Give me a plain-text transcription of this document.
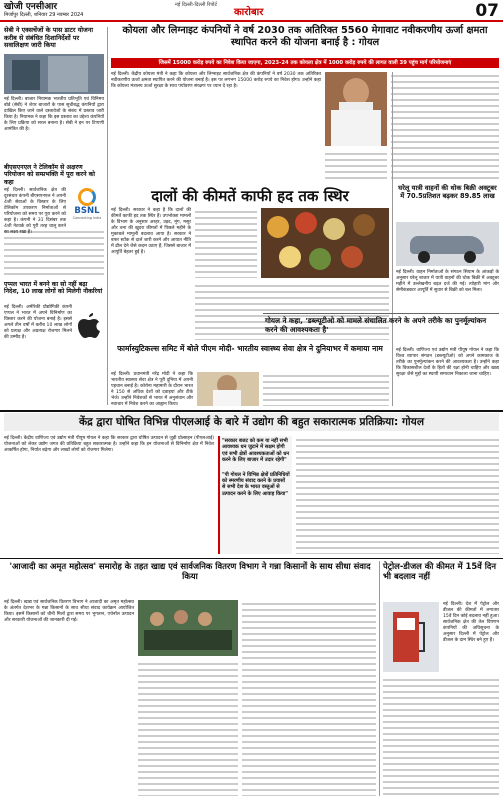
खोजी एनसीआर
मिर्जापुर दिल्ली, शनिवार 29 नवम्बर 2024
नई दिल्ली-दिल्ली रिपोर्ट
कारोबार	07
सेबी ने एक्सचेंजों के पास डाटर योजना करीब से संबंधित दिशानिर्देशों पर सवालिक्षण जारी किया
नई दिल्ली। बाजार नियामक भारतीय प्रतिभूति एवं विनिमय बोर्ड (सेबी) ने शेयर बाजारों के पास सूचीबद्ध कंपनियों द्वारा दाखिल किए जाने वाले दस्तावेजों के संबंध में प्रस्ताव जारी किया है। नियामक ने कहा कि इस प्रस्ताव का उद्देश्य कंपनियों के लिए प्रक्रिया को सरल बनाना है। सेबी ने इन पर टिप्पणी आमंत्रित की है।
बीएसएनएल ने टेलिकॉम से अक्षरण परियोजन को सम्प्रभक्ति में पूरा करने को कहा
नई दिल्ली। सार्वजनिक क्षेत्र की दूरसंचार कंपनी बीएसएनएल ने अपनी 4जी सेवाओं के विस्तार के लिए टेलिकॉम उपकरण निर्माताओं से परियोजना को समय पर पूरा करने को कहा है। कंपनी ने 31 दिसंबर तक 4जी नेटवर्क को पूरी तरह चालू करने का लक्ष्य रखा है।
BSNL
Connecting India
एप्पल भारत में बनने का सो नहीं बढ़ा निदेश, 10 लाख लोगों को मिलेगी नौकरियां
नई दिल्ली। अमेरिकी प्रौद्योगिकी कंपनी एप्पल ने भारत में अपने विनिर्माण का विस्तार करने की योजना बनाई है। इससे अगले तीन वर्षों में करीब 10 लाख लोगों को प्रत्यक्ष और अप्रत्यक्ष रोजगार मिलने की उम्मीद है।
कोयला और लिग्नाइट कंपनियों ने वर्ष 2030 तक अतिरिक्त 5560 मेगावाट नवीकरणीय ऊर्जा क्षमता स्थापित करने की योजना बनाई है : गोयल
जिसमें 15000 करोड़ रुपये का निवेश किया जाएगा, 2023-24 तक कोयला क्षेत्र में 1000 करोड़ रुपये की लागत वाली 39 पहुंच मार्ग परियोजनाएं
नई दिल्ली। केंद्रीय कोयला मंत्री ने कहा कि कोयला और लिग्नाइट सार्वजनिक क्षेत्र की कंपनियों ने वर्ष 2030 तक अतिरिक्त नवीकरणीय ऊर्जा क्षमता स्थापित करने की योजना बनाई है। इस पर लगभग 15000 करोड़ रुपये का निवेश होगा। उन्होंने कहा कि कोयला मंत्रालय ऊर्जा सुरक्षा के साथ पर्यावरण संरक्षण पर ध्यान दे रहा है।
दालों की कीमतें काफी हद तक स्थिर
नई दिल्ली। सरकार ने कहा है कि दालों की कीमतें काफी हद तक स्थिर हैं। उपभोक्ता मामलों के विभाग के अनुसार अरहर, उड़द, मूंग, मसूर और चना की खुदरा कीमतों में पिछले महीने के मुकाबले मामूली बदलाव आया है। सरकार ने बफर स्टॉक से दालें जारी करने और आयात नीति में ढील देने जैसे कदम उठाए हैं, जिससे बाजार में आपूर्ति बेहतर हुई है।
फार्मास्युटिकल्स समिट में बोले पीएम मोदी- भारतीय स्वास्थ्य सेवा क्षेत्र ने दुनियाभर में कमाया नाम
नई दिल्ली। प्रधानमंत्री नरेंद्र मोदी ने कहा कि भारतीय स्वास्थ्य सेवा क्षेत्र ने पूरी दुनिया में अपनी पहचान बनाई है। कोरोना महामारी के दौरान भारत ने 150 से अधिक देशों को दवाइयां और टीके भेजे। उन्होंने निवेशकों से भारत में अनुसंधान और नवाचार में निवेश करने का आह्वान किया।
घरेलू यात्री वाहनों की थोक बिक्री अक्टूबर में 70.5प्रतिशत बढ़कर 89.85 लाख
नई दिल्ली। वाहन निर्माताओं के संगठन सियाम के आंकड़ों के अनुसार घरेलू बाजार में यात्री वाहनों की थोक बिक्री में अक्टूबर महीने में उल्लेखनीय बढ़त दर्ज की गई। त्योहारी मांग और सेमीकंडक्टर आपूर्ति में सुधार से बिक्री को बल मिला।
गोयल ने कहा, 'डब्ल्यूटीओ को मामले संचालित करने के अपने तरीके का पुनर्मूल्यांकन करने की आवश्यकता है'
नई दिल्ली। वाणिज्य एवं उद्योग मंत्री पीयूष गोयल ने कहा कि विश्व व्यापार संगठन (डब्ल्यूटीओ) को अपने कामकाज के तरीके का पुनर्मूल्यांकन करने की आवश्यकता है। उन्होंने कहा कि विकासशील देशों के हितों की रक्षा होनी चाहिए और खाद्य सुरक्षा जैसे मुद्दों का स्थायी समाधान निकाला जाना चाहिए।
केंद्र द्वारा घोषित विभिन्न पीएलआई के बारे में उद्योग की बहुत सकारात्मक प्रतिक्रिया: गोयल
नई दिल्ली। केंद्रीय वाणिज्य एवं उद्योग मंत्री पीयूष गोयल ने कहा कि सरकार द्वारा घोषित उत्पादन से जुड़ी प्रोत्साहन (पीएलआई) योजनाओं को लेकर उद्योग जगत की प्रतिक्रिया बहुत सकारात्मक है। उन्होंने कहा कि इन योजनाओं से विनिर्माण क्षेत्र में निवेश आकर्षित होगा, निर्यात बढ़ेगा और लाखों लोगों को रोजगार मिलेगा।
"सरकार बजट को कम या नहीं सभी आवश्यक धन जुटाने में सक्षम होगी एवं सभी क्षेत्रों आवश्यकताओं को धन करने के लिए बाजार में उदार रहेगी"
"पी गोयल ने विभिन्न क्षेत्रों प्रतिनिधियों को स्मरणीय संवाद करने के प्रयासों से सभी देश के भारत वस्तुओं से उत्पादन करने के लिए आवाह किया"
'आजादी का अमृत महोत्सव' समारोह के तहत खाद्य एवं सार्वजनिक वितरण विभाग ने गन्ना किसानों के साथ सीधा संवाद किया
नई दिल्ली। खाद्य एवं सार्वजनिक वितरण विभाग ने आजादी का अमृत महोत्सव के अंतर्गत देशभर के गन्ना किसानों के साथ सीधा संवाद कार्यक्रम आयोजित किया। इसमें किसानों को चीनी मिलों द्वारा समय पर भुगतान, एथेनॉल उत्पादन और सरकारी योजनाओं की जानकारी दी गई।
पेट्रोल-डीजल की कीमत में 15वें दिन भी बदलाव नहीं
नई दिल्ली। देश में पेट्रोल और डीजल की कीमतों में लगातार 15वें दिन कोई बदलाव नहीं हुआ। सार्वजनिक क्षेत्र की तेल विपणन कंपनियों की अधिसूचना के अनुसार दिल्ली में पेट्रोल और डीजल के दाम स्थिर बने हुए हैं।
